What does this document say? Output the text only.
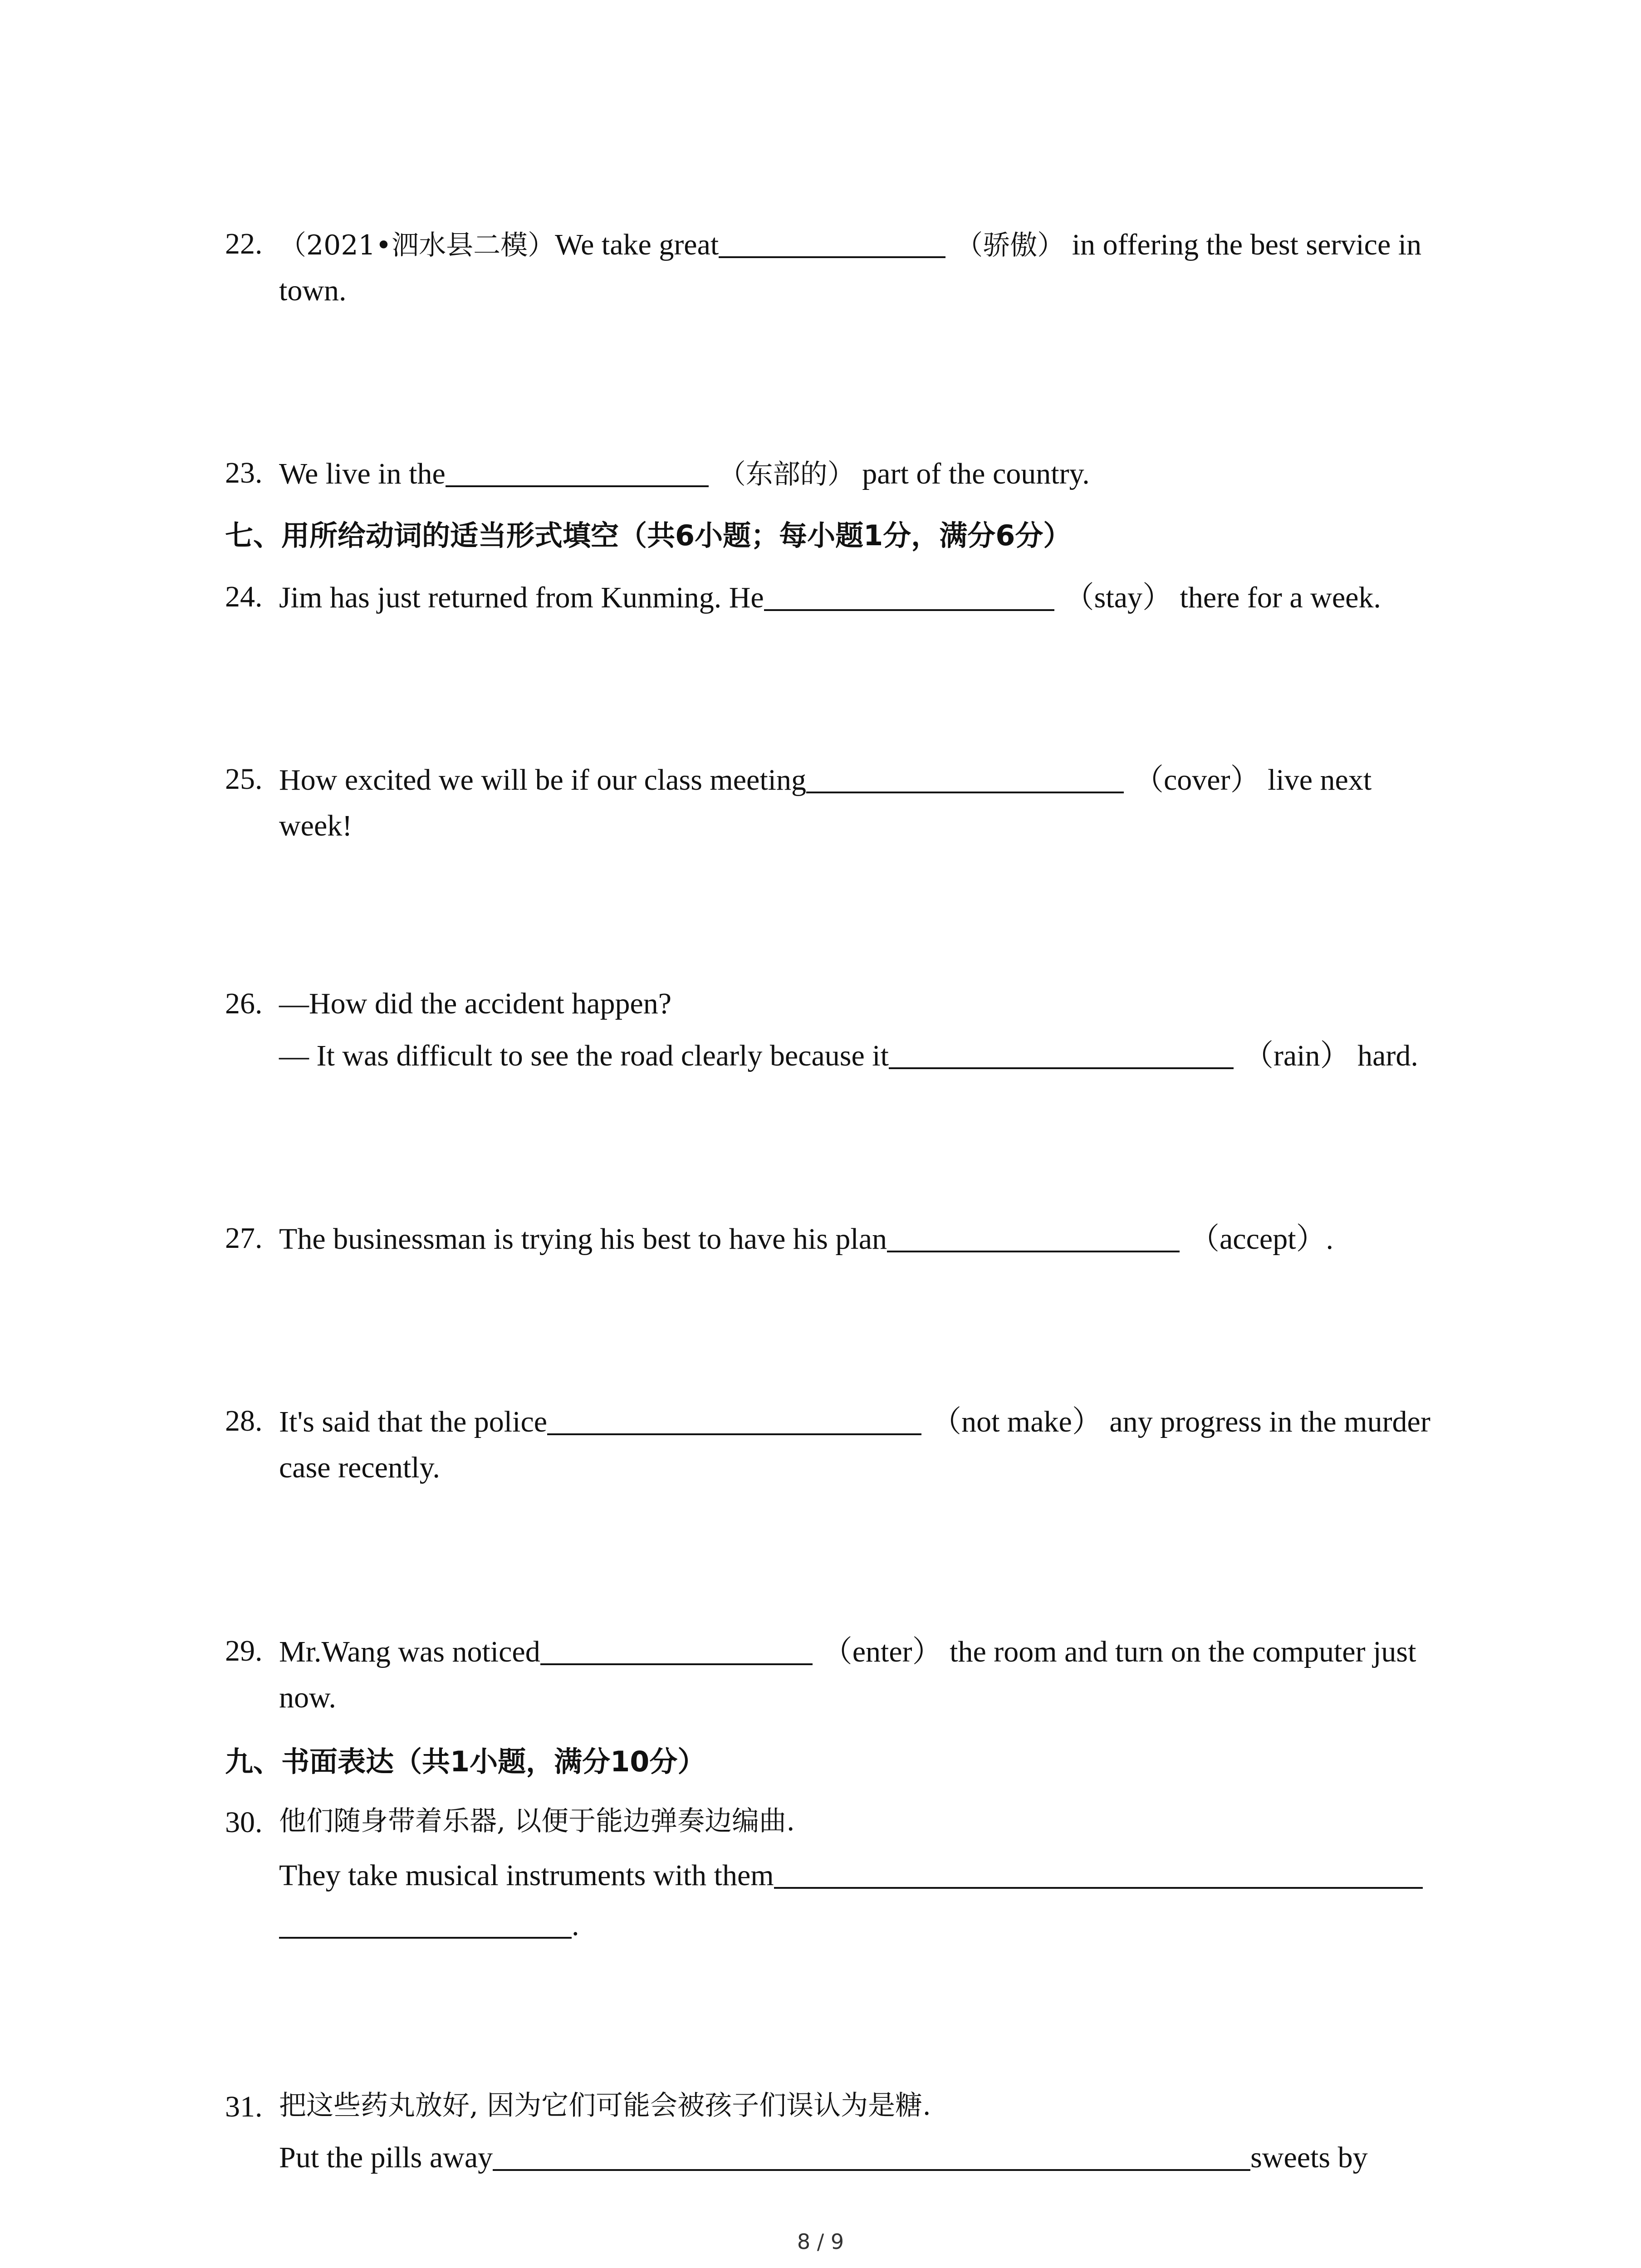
22. （2021•泗水县二模）We take great	（骄傲） in offering the best service in
town.
23. We live in the	（东部的） part of the country.
七、用所给动词的适当形式填空（共6小题；每小题1分，满分6分）
24. Jim has just returned from Kunming. He	（stay） there for a week.
25. How excited we will be if our class meeting	（cover） live next
week!
26. —How did the accident happen?
— It was difficult to see the road clearly because it	（rain） hard.
27. The businessman is trying his best to have his plan	（accept）.
28. It's said that the police	（not make） any progress in the murder
case recently.
29. Mr.Wang was noticed	（enter） the room and turn on the computer just
now.
九、书面表达（共1小题，满分10分）
30. 他们随身带着乐器, 以便于能边弹奏边编曲.
They take musical instruments with them
.
31. 把这些药丸放好, 因为它们可能会被孩子们误认为是糖.
Put the pills away	sweets by
8 / 9
